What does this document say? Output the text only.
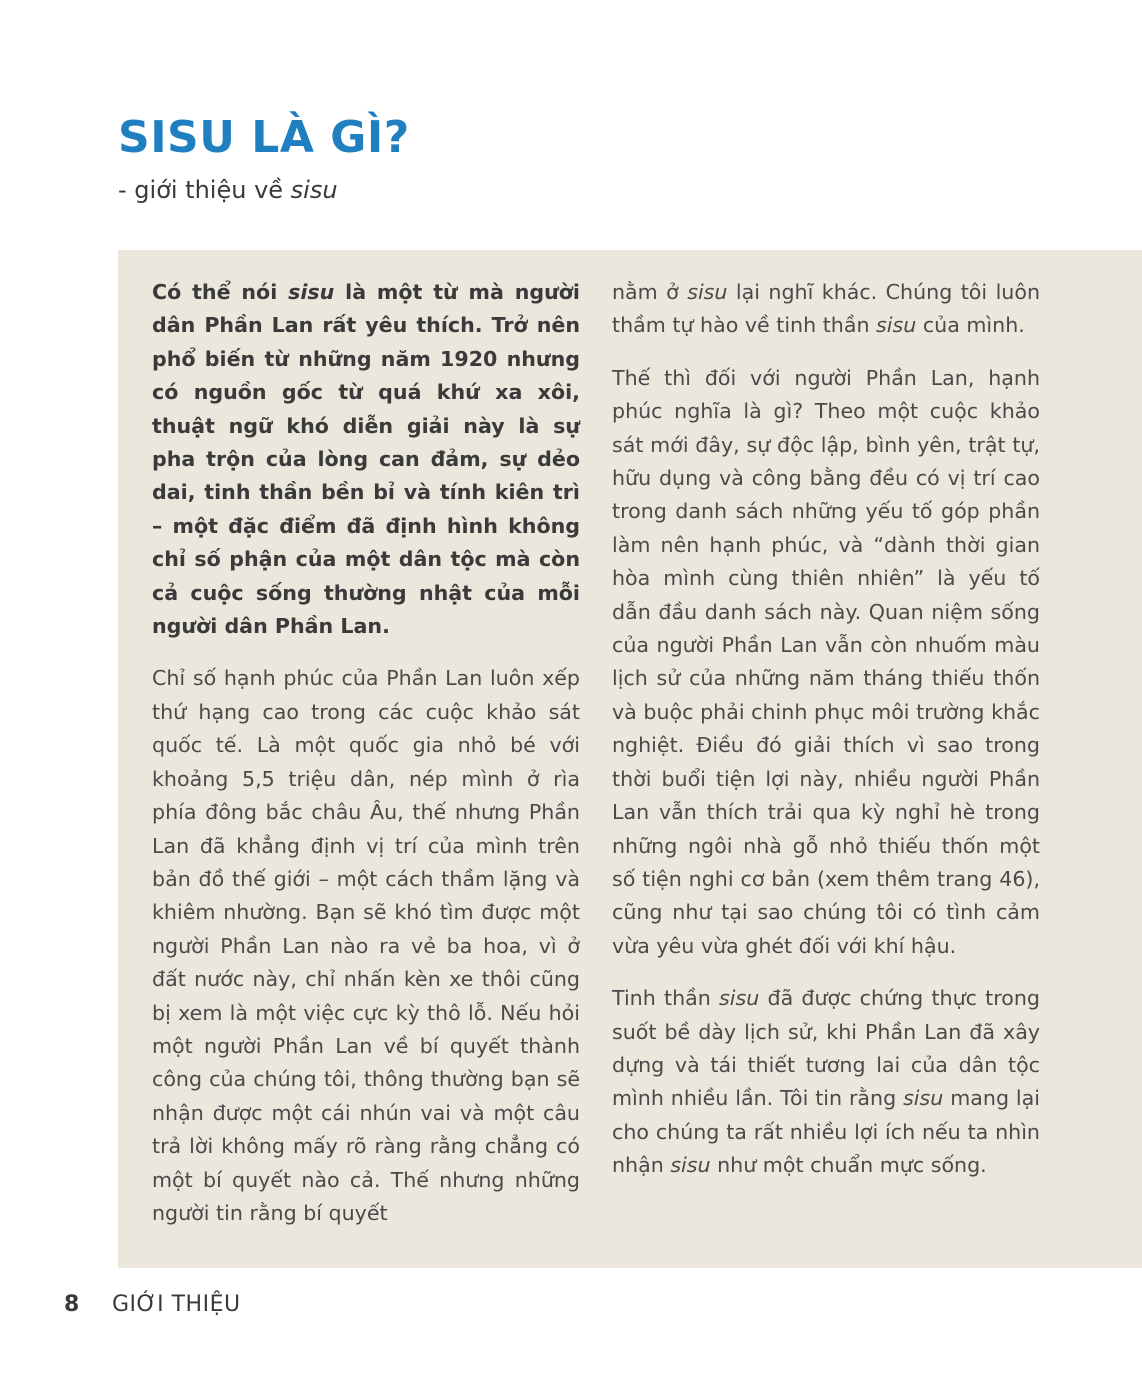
SISU LÀ GÌ?

- giới thiệu về sisu

Có thể nói sisu là một từ mà người dân Phần Lan rất yêu thích. Trở nên phổ biến từ những năm 1920 nhưng có nguồn gốc từ quá khứ xa xôi, thuật ngữ khó diễn giải này là sự pha trộn của lòng can đảm, sự dẻo dai, tinh thần bền bỉ và tính kiên trì – một đặc điểm đã định hình không chỉ số phận của một dân tộc mà còn cả cuộc sống thường nhật của mỗi người dân Phần Lan.

Chỉ số hạnh phúc của Phần Lan luôn xếp thứ hạng cao trong các cuộc khảo sát quốc tế. Là một quốc gia nhỏ bé với khoảng 5,5 triệu dân, nép mình ở rìa phía đông bắc châu Âu, thế nhưng Phần Lan đã khẳng định vị trí của mình trên bản đồ thế giới – một cách thầm lặng và khiêm nhường. Bạn sẽ khó tìm được một người Phần Lan nào ra vẻ ba hoa, vì ở đất nước này, chỉ nhấn kèn xe thôi cũng bị xem là một việc cực kỳ thô lỗ. Nếu hỏi một người Phần Lan về bí quyết thành công của chúng tôi, thông thường bạn sẽ nhận được một cái nhún vai và một câu trả lời không mấy rõ ràng rằng chẳng có một bí quyết nào cả. Thế nhưng những người tin rằng bí quyết

nằm ở sisu lại nghĩ khác. Chúng tôi luôn thầm tự hào về tinh thần sisu của mình.

Thế thì đối với người Phần Lan, hạnh phúc nghĩa là gì? Theo một cuộc khảo sát mới đây, sự độc lập, bình yên, trật tự, hữu dụng và công bằng đều có vị trí cao trong danh sách những yếu tố góp phần làm nên hạnh phúc, và “dành thời gian hòa mình cùng thiên nhiên” là yếu tố dẫn đầu danh sách này. Quan niệm sống của người Phần Lan vẫn còn nhuốm màu lịch sử của những năm tháng thiếu thốn và buộc phải chinh phục môi trường khắc nghiệt. Điều đó giải thích vì sao trong thời buổi tiện lợi này, nhiều người Phần Lan vẫn thích trải qua kỳ nghỉ hè trong những ngôi nhà gỗ nhỏ thiếu thốn một số tiện nghi cơ bản (xem thêm trang 46), cũng như tại sao chúng tôi có tình cảm vừa yêu vừa ghét đối với khí hậu.

Tinh thần sisu đã được chứng thực trong suốt bề dày lịch sử, khi Phần Lan đã xây dựng và tái thiết tương lai của dân tộc mình nhiều lần. Tôi tin rằng sisu mang lại cho chúng ta rất nhiều lợi ích nếu ta nhìn nhận sisu như một chuẩn mực sống.

8 GIỚI THIỆU
